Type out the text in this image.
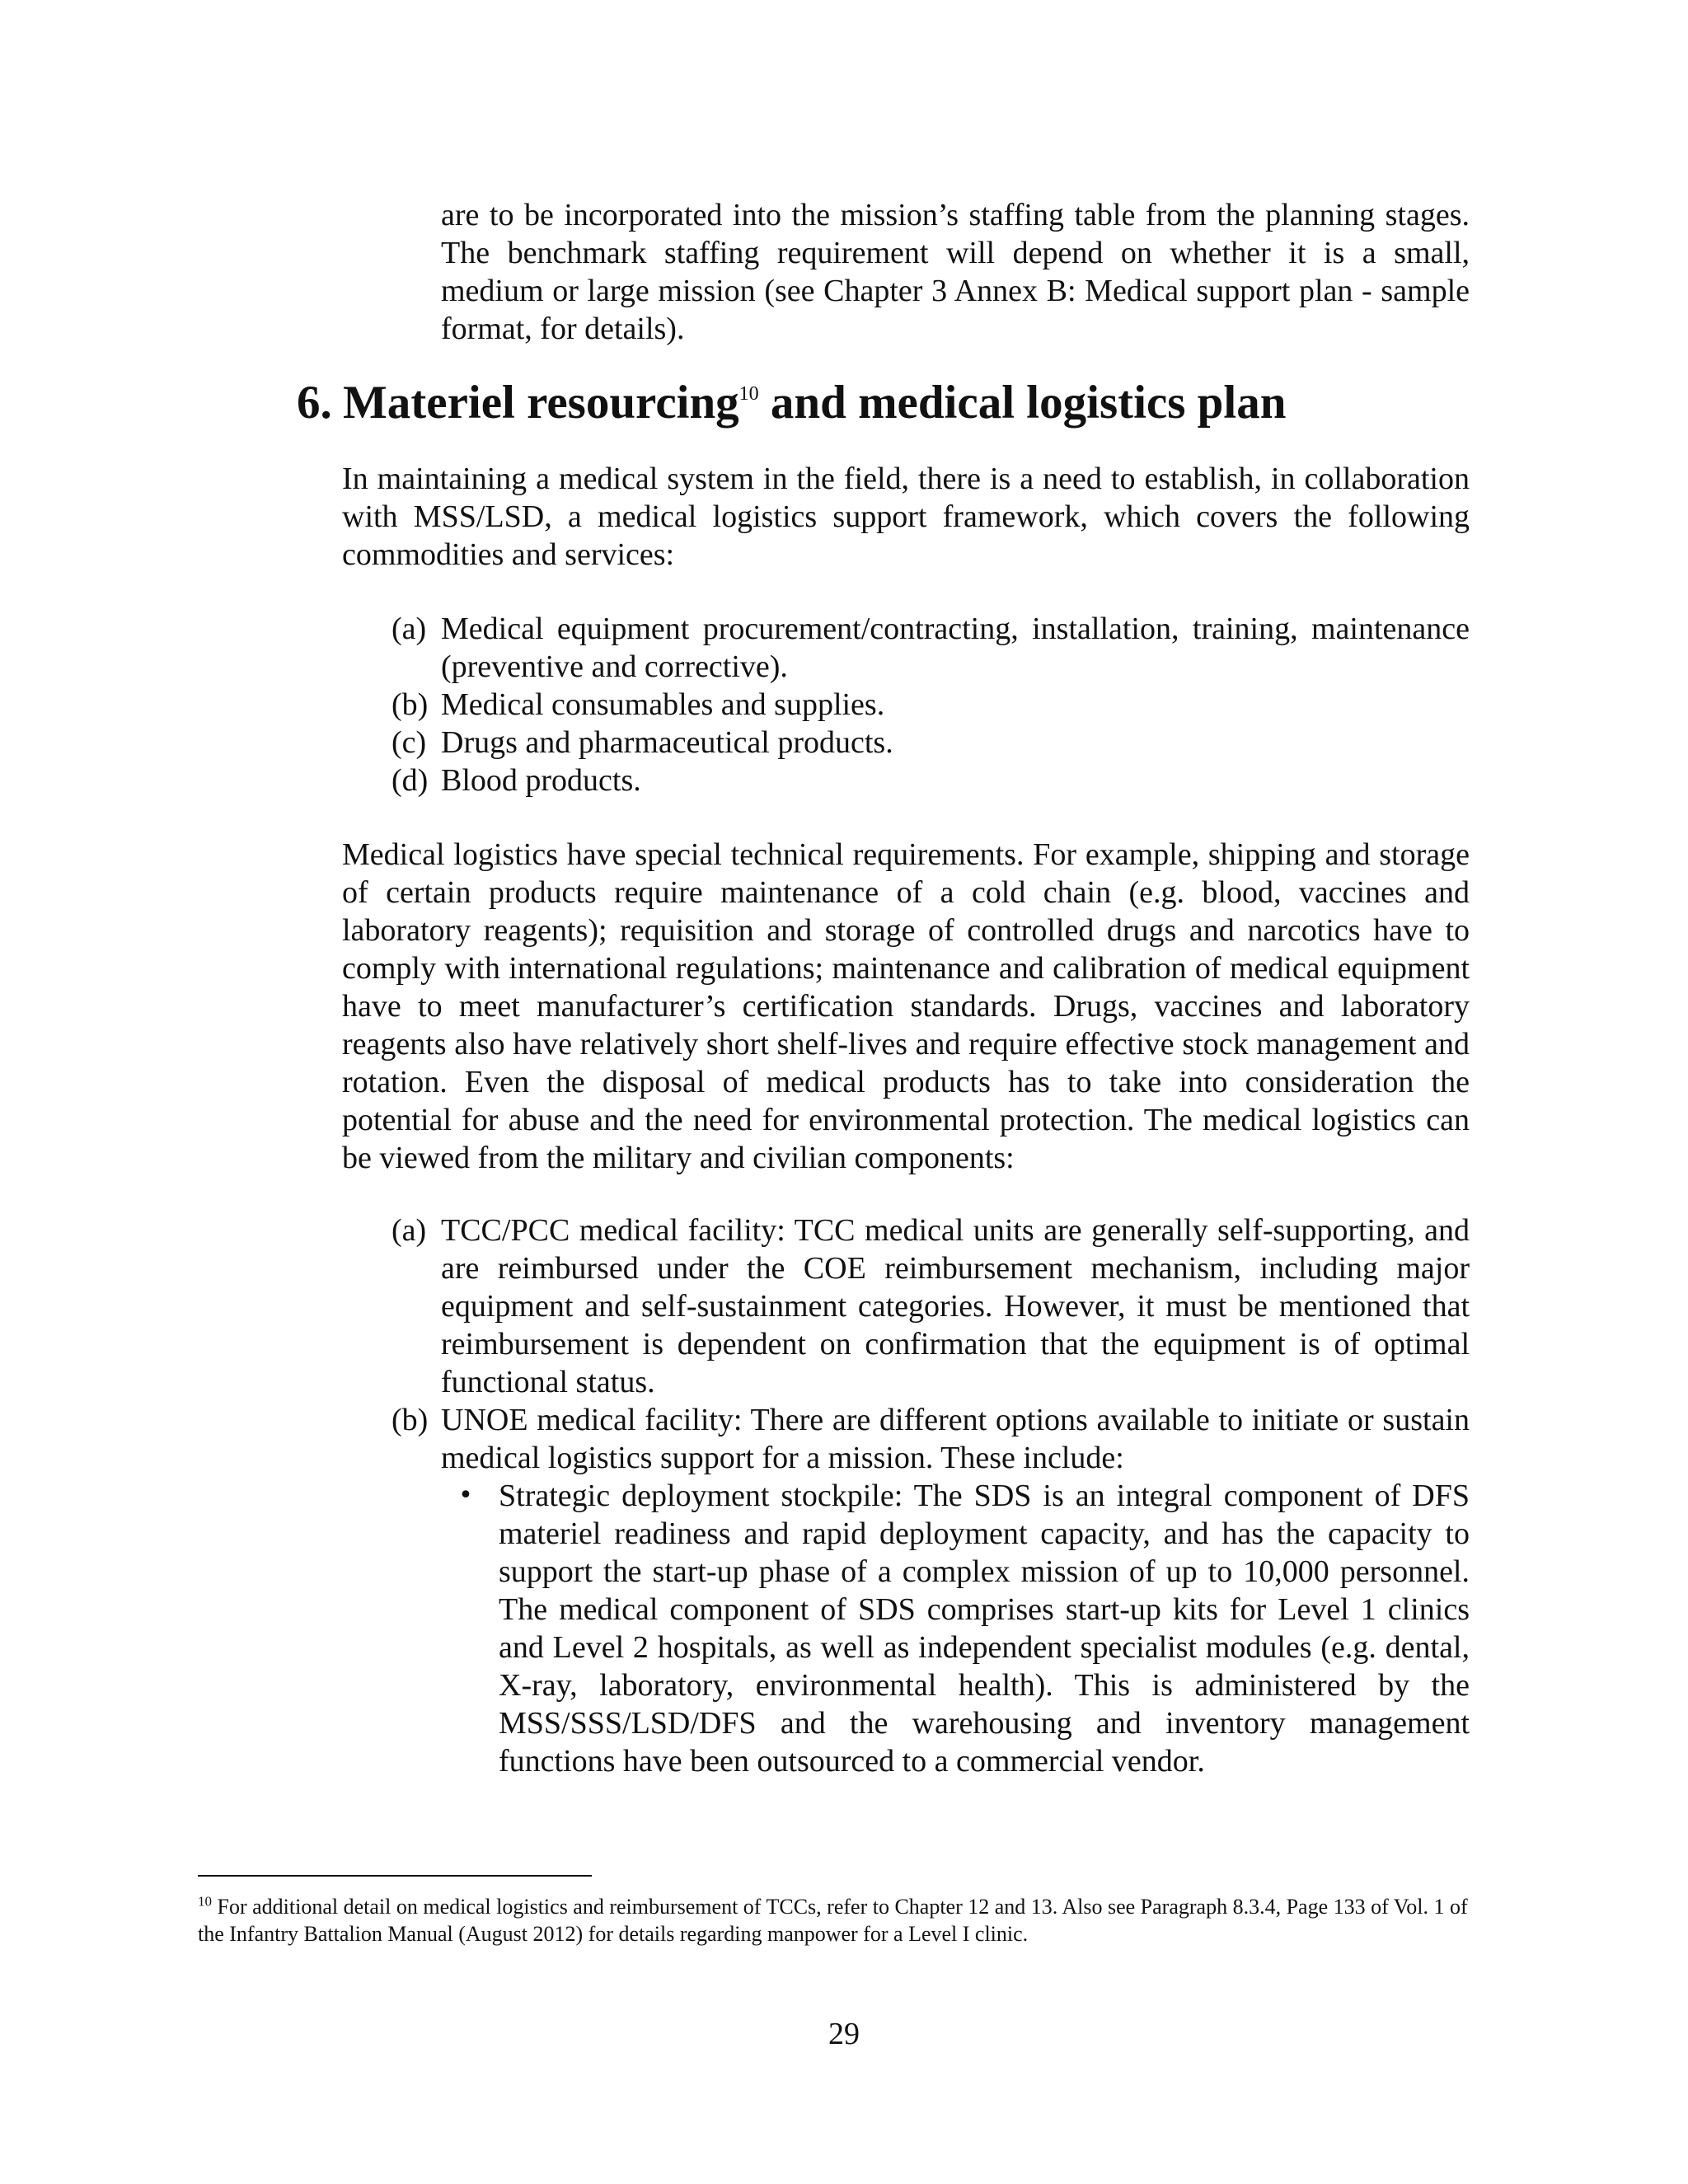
are to be incorporated into the mission’s staffing table from the planning stages. The benchmark staffing requirement will depend on whether it is a small, medium or large mission (see Chapter 3 Annex B: Medical support plan - sample format, for details).

6. Materiel resourcing$^{10}$ and medical logistics plan

In maintaining a medical system in the field, there is a need to establish, in collaboration with MSS/LSD, a medical logistics support framework, which covers the following commodities and services:

(a) Medical equipment procurement/contracting, installation, training, maintenance (preventive and corrective).
(b) Medical consumables and supplies.
(c) Drugs and pharmaceutical products.
(d) Blood products.

Medical logistics have special technical requirements. For example, shipping and storage of certain products require maintenance of a cold chain (e.g. blood, vaccines and laboratory reagents); requisition and storage of controlled drugs and narcotics have to comply with international regulations; maintenance and calibration of medical equipment have to meet manufacturer’s certification standards. Drugs, vaccines and laboratory reagents also have relatively short shelf-lives and require effective stock management and rotation. Even the disposal of medical products has to take into consideration the potential for abuse and the need for environmental protection. The medical logistics can be viewed from the military and civilian components:

(a) TCC/PCC medical facility: TCC medical units are generally self-supporting, and are reimbursed under the COE reimbursement mechanism, including major equipment and self-sustainment categories. However, it must be mentioned that reimbursement is dependent on confirmation that the equipment is of optimal functional status.
(b) UNOE medical facility: There are different options available to initiate or sustain medical logistics support for a mission. These include:
•
Strategic deployment stockpile: The SDS is an integral component of DFS materiel readiness and rapid deployment capacity, and has the capacity to support the start-up phase of a complex mission of up to 10,000 personnel. The medical component of SDS comprises start-up kits for Level 1 clinics and Level 2 hospitals, as well as independent specialist modules (e.g. dental, X-ray, laboratory, environmental health). This is administered by the MSS/SSS/LSD/DFS and the warehousing and inventory management functions have been outsourced to a commercial vendor.

$^{10}$ For additional detail on medical logistics and reimbursement of TCCs, refer to Chapter 12 and 13. Also see Paragraph 8.3.4, Page 133 of Vol. 1 of the Infantry Battalion Manual (August 2012) for details regarding manpower for a Level I clinic.

29
